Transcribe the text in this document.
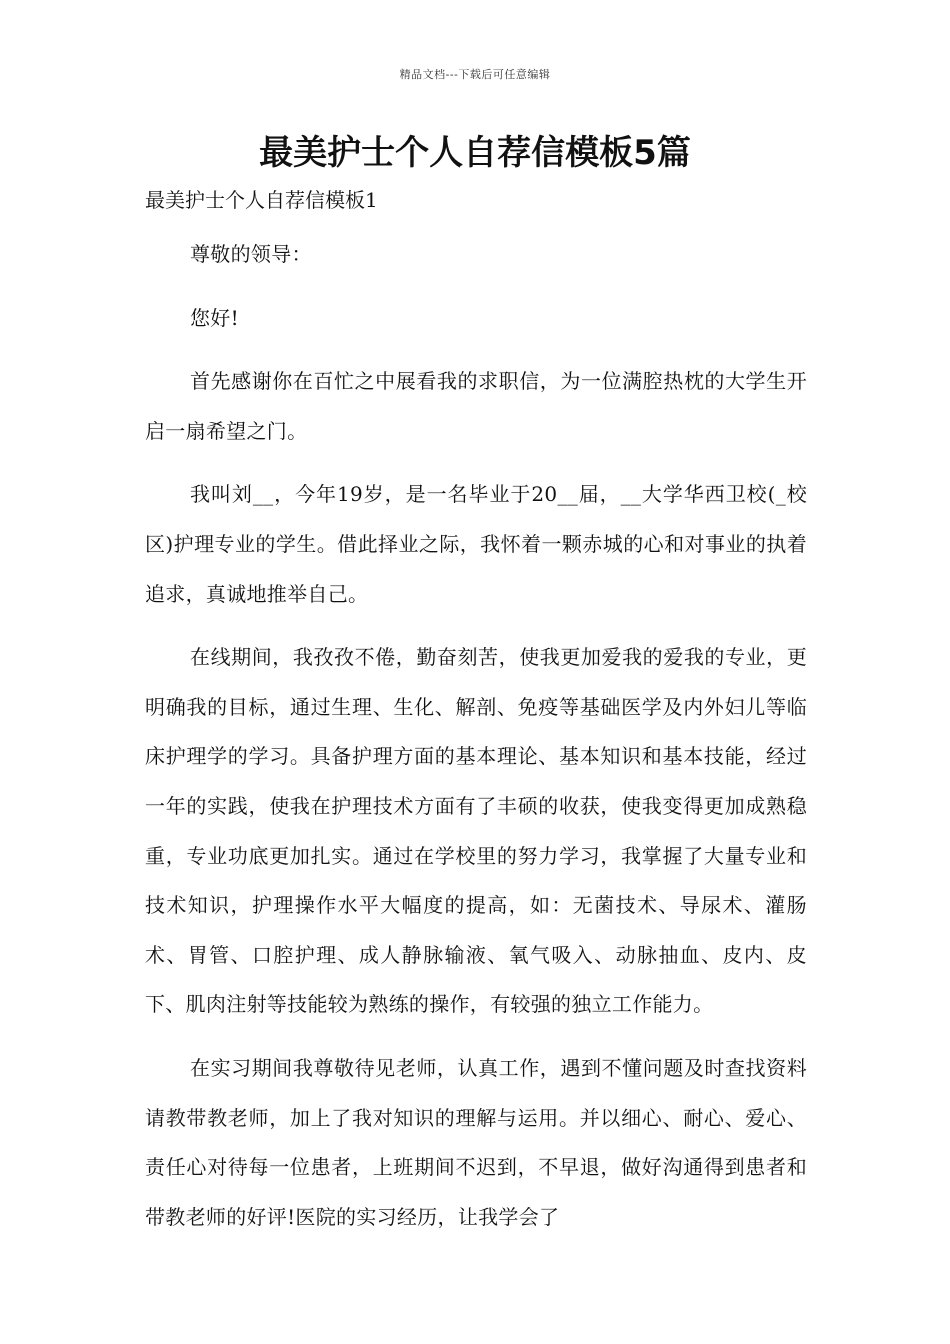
精品文档---下载后可任意编辑
最美护士个人自荐信模板5篇

最美护士个人自荐信模板1

尊敬的领导：

您好!

首先感谢你在百忙之中展看我的求职信，为一位满腔热枕的大学生开启一扇希望之门。

我叫刘__，今年19岁，是一名毕业于20__届，__大学华西卫校(_校区)护理专业的学生。借此择业之际，我怀着一颗赤城的心和对事业的执着追求，真诚地推举自己。

在线期间，我孜孜不倦，勤奋刻苦，使我更加爱我的爱我的专业，更明确我的目标，通过生理、生化、解剖、免疫等基础医学及内外妇儿等临床护理学的学习。具备护理方面的基本理论、基本知识和基本技能，经过一年的实践，使我在护理技术方面有了丰硕的收获，使我变得更加成熟稳重，专业功底更加扎实。通过在学校里的努力学习，我掌握了大量专业和技术知识，护理操作水平大幅度的提高，如：无菌技术、导尿术、灌肠术、胃管、口腔护理、成人静脉输液、氧气吸入、动脉抽血、皮内、皮下、肌肉注射等技能较为熟练的操作，有较强的独立工作能力。

在实习期间我尊敬待见老师，认真工作，遇到不懂问题及时查找资料请教带教老师，加上了我对知识的理解与运用。并以细心、耐心、爱心、责任心对待每一位患者，上班期间不迟到，不早退，做好沟通得到患者和带教老师的好评!医院的实习经历，让我学会了
